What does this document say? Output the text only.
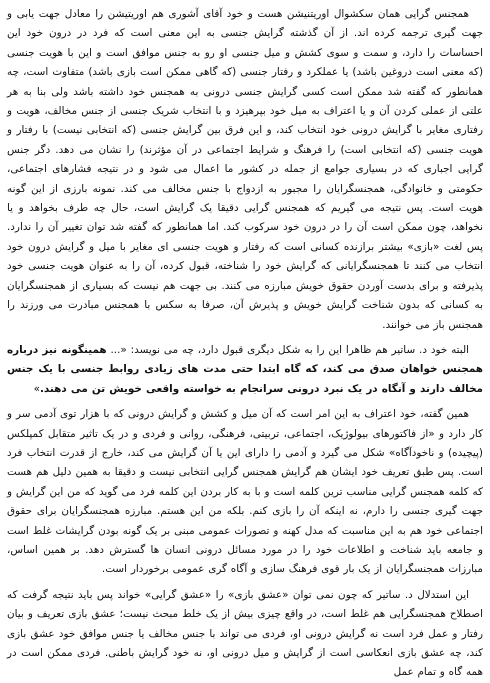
همجنس گرایی همان سکشوال اوریتنیشن هست و خود آقای آشوری هم اوریتیشن را معادل جهت یابی و جهت گیری ترجمه کرده اند. از آن گذشته گرایش جنسی به این معنی است که فرد در درون خود این احساسات را دارد، و سمت و سوی کشش و میل جنسی او رو به جنس موافق است و این با هویت جنسی (که معنی است دروغین باشد) یا عملکرد و رفتار جنسی (که گاهی ممکن است بازی باشد) متفاوت است، چه همانطور که گفته شد ممکن است کسی گرایش جنسی درونی به همجنس خود داشته باشد ولی بنا به هر علتی از عملی کردن آن و یا اعتراف به میل خود بپرهیزد و با انتخاب شریک جنسی از جنس مخالف، هویت و رفتاری مغایر با گرایش درونی خود انتخاب کند، و این فرق بین گرایش جنسی (که انتخابی نیست) با رفتار و هویت جنسی (که انتخابی است) را فرهنگ و شرایط اجتماعی در آن مؤثرند) را نشان می دهد. دگر جنس گرایی اجباری که در بسیاری جوامع از جمله در کشور ما اعمال می شود و در نتیجه فشارهای اجتماعی، حکومتی و خانوادگی، همجنسگرایان را مجبور به ازدواج با جنس مخالف می کند. نمونه بارزی از این گونه هویت است. پس نتیجه می گیریم که همجنس گرایی دقیقا یک گرایش است، حال چه طرف بخواهد و یا نخواهد، چون ممکن است آن را در درون خود سرکوب کند. اما همانطور که گفته شد توان تغییر آن را ندارد. پس لغت «بازی» بیشتر برازنده کسانی است که رفتار و هویت جنسی ای مغایر با میل و گرایش درون خود انتخاب می کنند تا همجنسگرایانی که گرایش خود را شناخته، قبول کرده، آن را به عنوان هویت جنسی خود پذیرفته و برای بدست آوردن حقوق خویش مبارزه می کنند. بی جهت هم نیست که بسیاری از همجنسگرایان به کسانی که بدون شناخت گرایش خویش و پذیرش آن، صرفا به سکس با همجنس مبادرت می ورزند را همجنس باز می خوانند.

البته خود د. ساتیر هم ظاهرا این را به شکل دیگری قبول دارد، چه می نویسد: «... همینگونه نیز درباره همجنس خواهان صدق می کند، که گاه ابتدا حتی مدت های زیادی روابط جنسی با یک جنس مخالف دارند و آنگاه در یک نبرد درونی سرانجام به خواسته واقعی خویش تن می دهند.»

همین گفته، خود اعتراف به این امر است که آن میل و کشش و گرایش درونی که با هزار توی آدمی سر و کار دارد و «از فاکتورهای بیولوژیک، اجتماعی، تربیتی، فرهنگی، روانی و فردی و در یک تاثیر متقابل کمپلکس (پیچیده) و ناخودآگاه» شکل می گیرد و آدمی را دارای این یا آن گرایش می کند، خارج از قدرت انتخاب فرد است. پس طبق تعریف خود ایشان هم گرایش همجنس گرایی انتخابی نیست و دقیقا به همین دلیل هم هست که کلمه همجنس گرایی مناسب ترین کلمه است و با به کار بردن این کلمه فرد می گوید که من این گرایش و جهت گیری جنسی را دارم، نه اینکه آن را بازی کنم. بلکه من این هستم. مبارزه همجنسگرایان برای حقوق اجتماعی خود هم به این مناسبت که مدل کهنه و تصورات عمومی مبنی بر یک گونه بودن گرایشات غلط است و جامعه باید شناخت و اطلاعات خود را در مورد مسائل درونی انسان ها گسترش دهد. بر همین اساس، مبارزات همجنسگرایان از یک بار قوی فرهنگ سازی و آگاه گری عمومی برخوردار است.

این استدلال د. ساتیر که چون نمی توان «عشق بازی» را «عشق گرایی» خواند پس باید نتیجه گرفت که اصطلاح همجنسگرایی هم غلط است، در واقع چیزی بیش از یک خلط مبحث نیست؛ عشق بازی تعریف و بیان رفتار و عمل فرد است نه گرایش درونی او، فردی می تواند با جنس مخالف یا جنس موافق خود عشق بازی کند، چه عشق بازی انعکاسی است از گرایش و میل درونی او، نه خود گرایش باطنی. فردی ممکن است در همه گاه و تمام عمل
